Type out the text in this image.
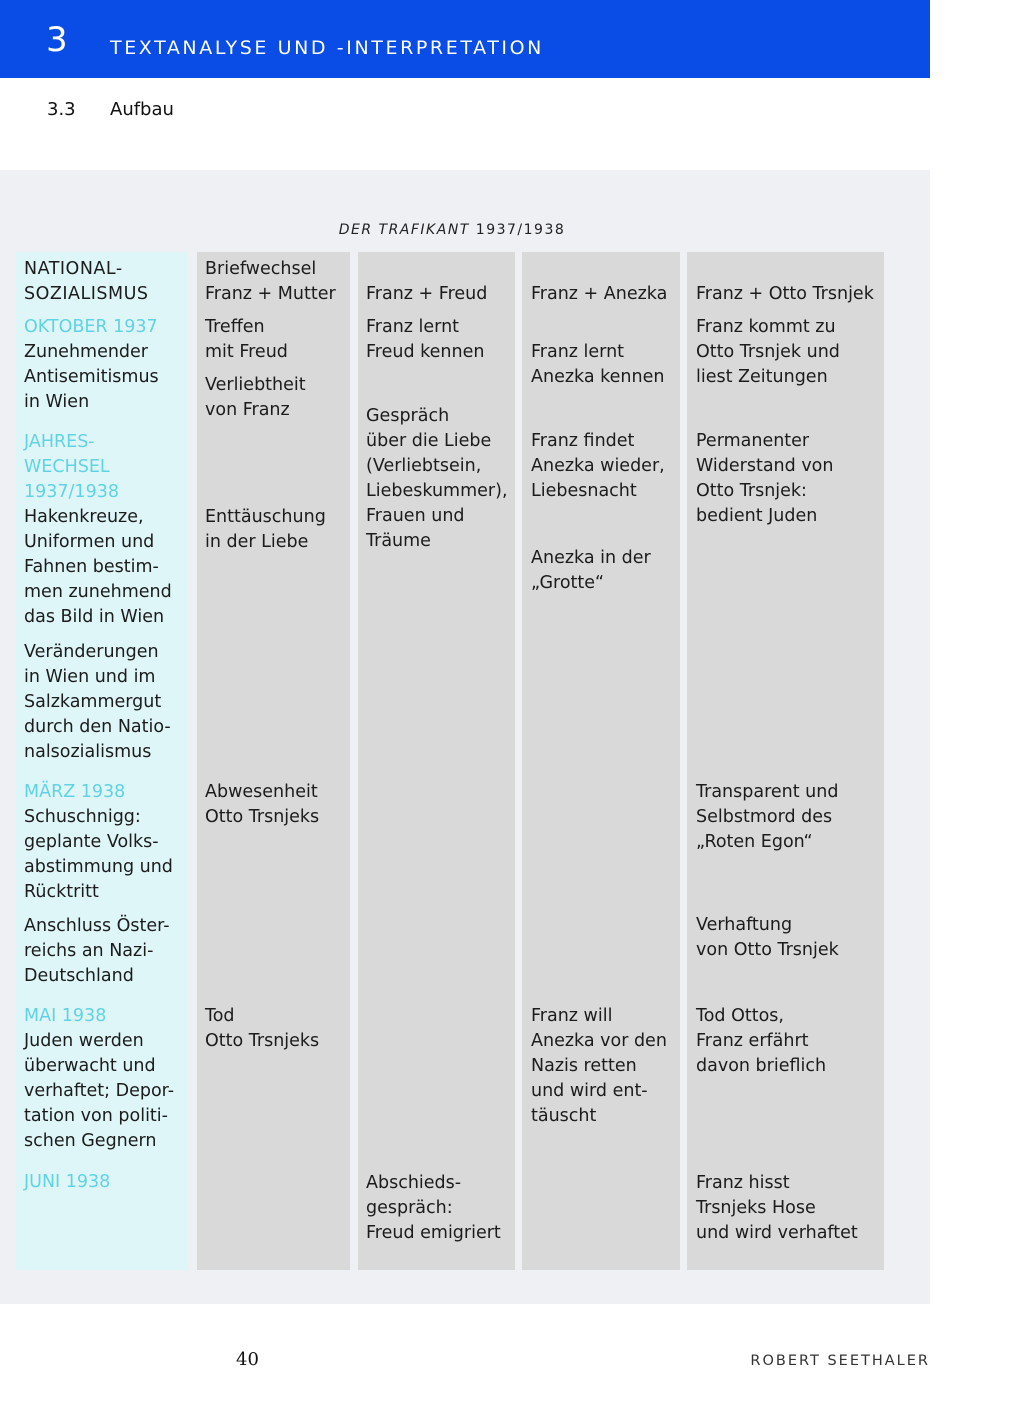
3 TEXTANALYSE UND -INTERPRETATION
3.3 Aufbau
DER TRAFIKANT 1937/1938

NATIONAL-
SOZIALISMUS

OKTOBER 1937

Zunehmender
Antisemitismus
in Wien

JAHRES-
WECHSEL
1937/1938

Hakenkreuze,
Uniformen und
Fahnen bestim-
men zunehmend
das Bild in Wien

Veränderungen
in Wien und im
Salzkammergut
durch den Natio-
nalsozialismus

MÄRZ 1938

Schuschnigg:
geplante Volks-
abstimmung und
Rücktritt

Anschluss Öster-
reichs an Nazi-
Deutschland

MAI 1938

Juden werden
überwacht und
verhaftet; Depor-
tation von politi-
schen Gegnern

JUNI 1938

Briefwechsel
Franz + Mutter

Treffen
mit Freud

Verliebtheit
von Franz

Enttäuschung
in der Liebe

Abwesenheit
Otto Trsnjeks

Tod
Otto Trsnjeks

Franz + Freud

Franz lernt
Freud kennen

Gespräch
über die Liebe
(Verliebtsein,
Liebeskummer),
Frauen und
Träume

Abschieds-
gespräch:
Freud emigriert

Franz + Anezka

Franz lernt
Anezka kennen

Franz findet
Anezka wieder,
Liebesnacht

Anezka in der
„Grotte“

Franz will
Anezka vor den
Nazis retten
und wird ent-
täuscht

Franz + Otto Trsnjek

Franz kommt zu
Otto Trsnjek und
liest Zeitungen

Permanenter
Widerstand von
Otto Trsnjek:
bedient Juden

Transparent und
Selbstmord des
„Roten Egon“

Verhaftung
von Otto Trsnjek

Tod Ottos,
Franz erfährt
davon brieflich

Franz hisst
Trsnjeks Hose
und wird verhaftet

40	ROBERT SEETHALER
